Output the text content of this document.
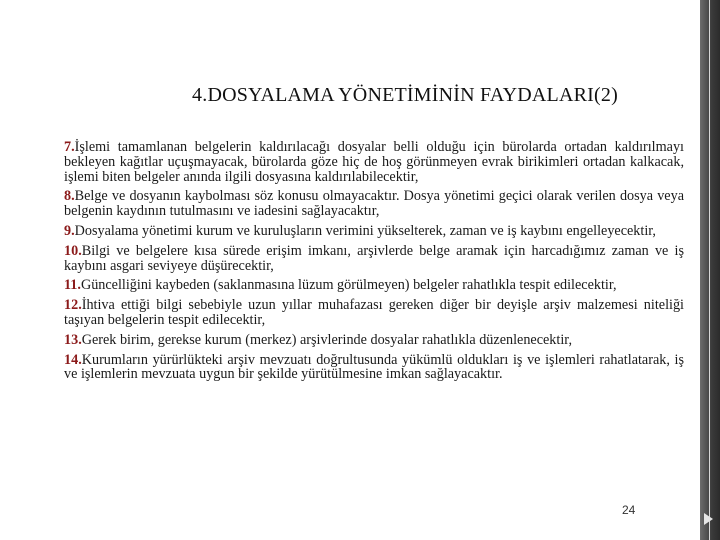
4.DOSYALAMA YÖNETİMİNİN FAYDALARI(2)

7.İşlemi tamamlanan belgelerin kaldırılacağı dosyalar belli olduğu için bürolarda ortadan kaldırılmayı bekleyen kağıtlar uçuşmayacak, bürolarda göze hiç de hoş görünmeyen evrak birikimleri ortadan kalkacak, işlemi biten belgeler anında ilgili dosyasına kaldırılabilecektir,

8.Belge ve dosyanın kaybolması söz konusu olmayacaktır. Dosya yönetimi geçici olarak verilen dosya veya belgenin kaydının tutulmasını ve iadesini sağlayacaktır,

9.Dosyalama yönetimi kurum ve kuruluşların verimini yükselterek, zaman ve iş kaybını engelleyecektir,

10.Bilgi ve belgelere kısa sürede erişim imkanı, arşivlerde belge aramak için harcadığımız zaman ve iş kaybını asgari seviyeye düşürecektir,

11.Güncelliğini kaybeden (saklanmasına lüzum görülmeyen) belgeler rahatlıkla tespit edilecektir,

12.İhtiva ettiği bilgi sebebiyle uzun yıllar muhafazası gereken diğer bir deyişle arşiv malzemesi niteliği taşıyan belgelerin tespit edilecektir,

13.Gerek birim, gerekse kurum (merkez) arşivlerinde dosyalar rahatlıkla düzenlenecektir,

14.Kurumların yürürlükteki arşiv mevzuatı doğrultusunda yükümlü oldukları iş ve işlemleri rahatlatarak, iş ve işlemlerin mevzuata uygun bir şekilde yürütülmesine imkan sağlayacaktır.

24
